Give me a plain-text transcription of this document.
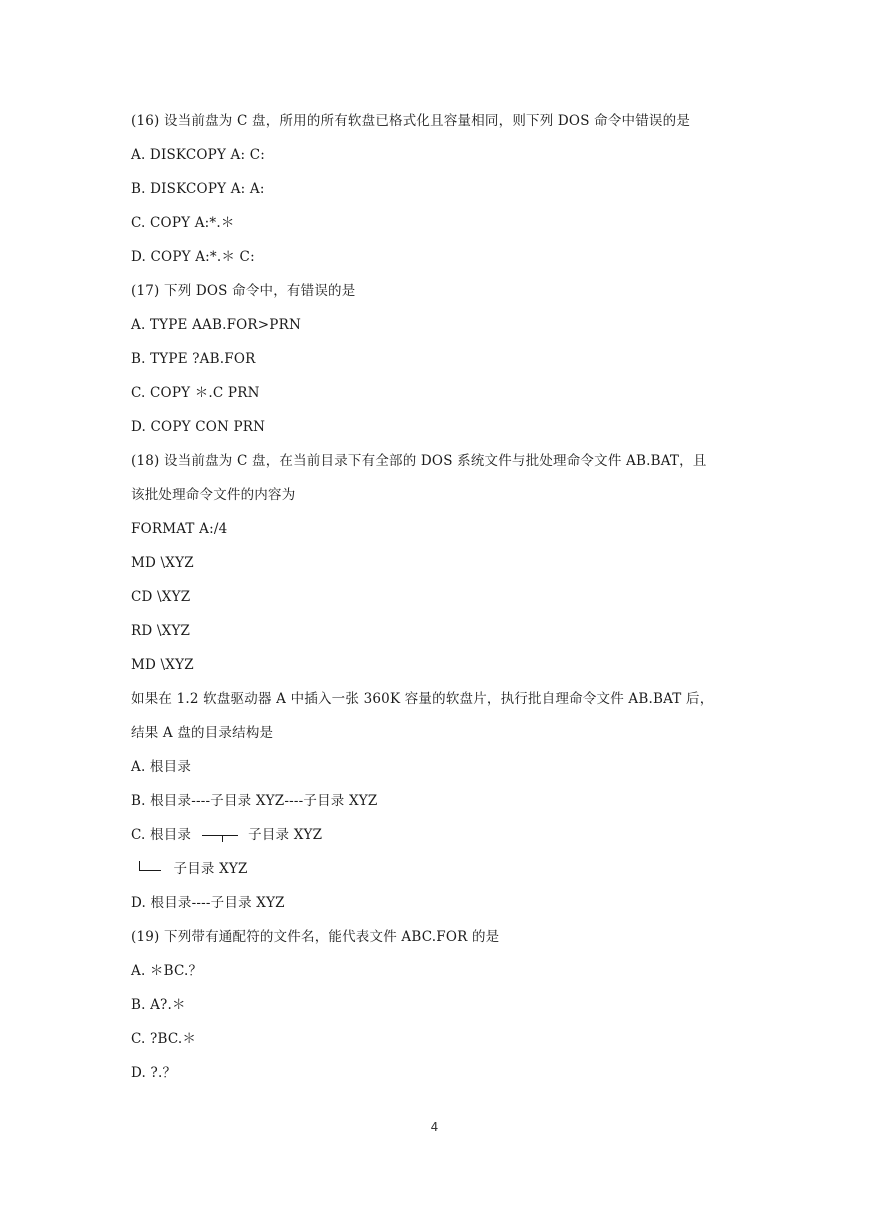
(16) 设当前盘为 C 盘，所用的所有软盘已格式化且容量相同，则下列 DOS 命令中错误的是
A. DISKCOPY A: C:
B. DISKCOPY A: A:
C. COPY A:*.＊
D. COPY A:*.＊ C:
(17) 下列 DOS 命令中，有错误的是
A. TYPE AAB.FOR>PRN
B. TYPE ?AB.FOR
C. COPY ＊.C PRN
D. COPY CON PRN
(18) 设当前盘为 C 盘，在当前目录下有全部的 DOS 系统文件与批处理命令文件 AB.BAT，且
该批处理命令文件的内容为
FORMAT A:/4
MD \XYZ
CD \XYZ
RD \XYZ
MD \XYZ
如果在 1.2 软盘驱动器 A 中插入一张 360K 容量的软盘片，执行批自理命令文件 AB.BAT 后，
结果 A 盘的目录结构是
A. 根目录
B. 根目录----子目录 XYZ----子目录 XYZ
C. 根目录	子目录 XYZ
子目录 XYZ
D. 根目录----子目录 XYZ
(19) 下列带有通配符的文件名，能代表文件 ABC.FOR 的是
A. ＊BC.？
B. A?.＊
C. ?BC.＊
D. ?.？
4
